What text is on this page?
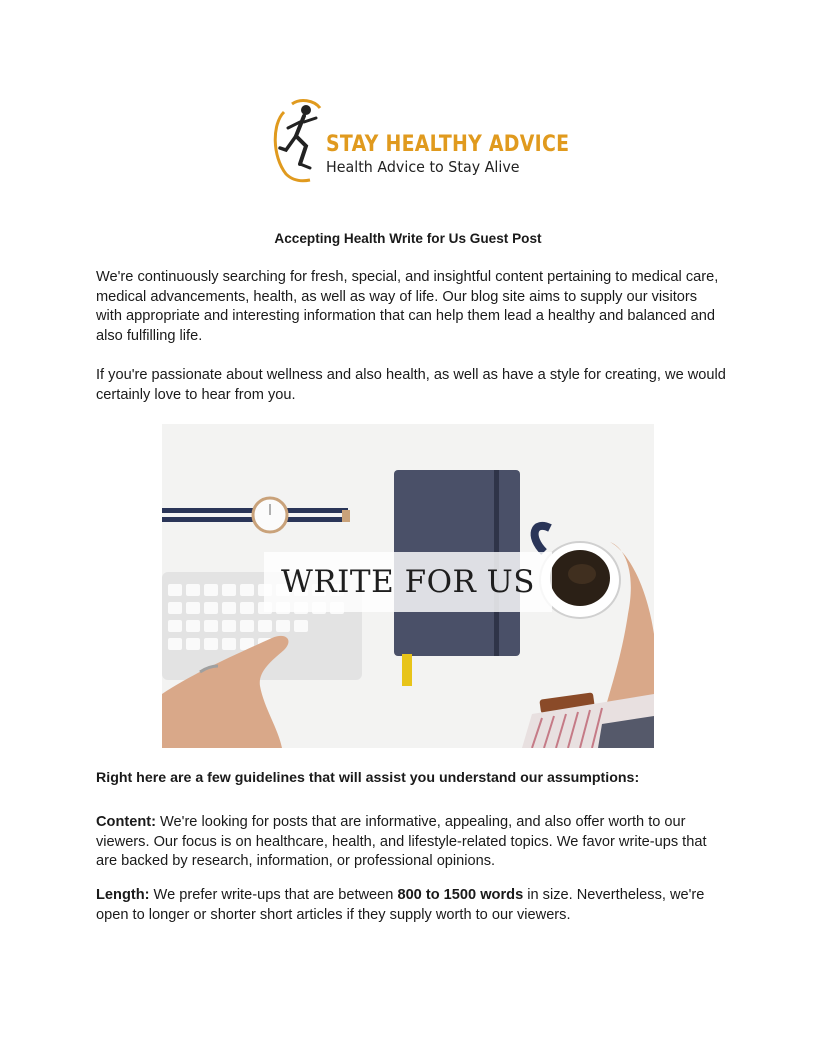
STAY HEALTHY ADVICE
Health Advice to Stay Alive
Accepting Health Write for Us Guest Post

We're continuously searching for fresh, special, and insightful content pertaining to medical care, medical advancements, health, as well as way of life. Our blog site aims to supply our visitors with appropriate and interesting information that can help them lead a healthy and balanced and also fulfilling life.

If you're passionate about wellness and also health, as well as have a style for creating, we would certainly love to hear from you.

WRITE FOR US

Right here are a few guidelines that will assist you understand our assumptions:

Content: We're looking for posts that are informative, appealing, and also offer worth to our viewers. Our focus is on healthcare, health, and lifestyle-related topics. We favor write-ups that are backed by research, information, or professional opinions.

Length: We prefer write-ups that are between 800 to 1500 words in size. Nevertheless, we're open to longer or shorter short articles if they supply worth to our viewers.
